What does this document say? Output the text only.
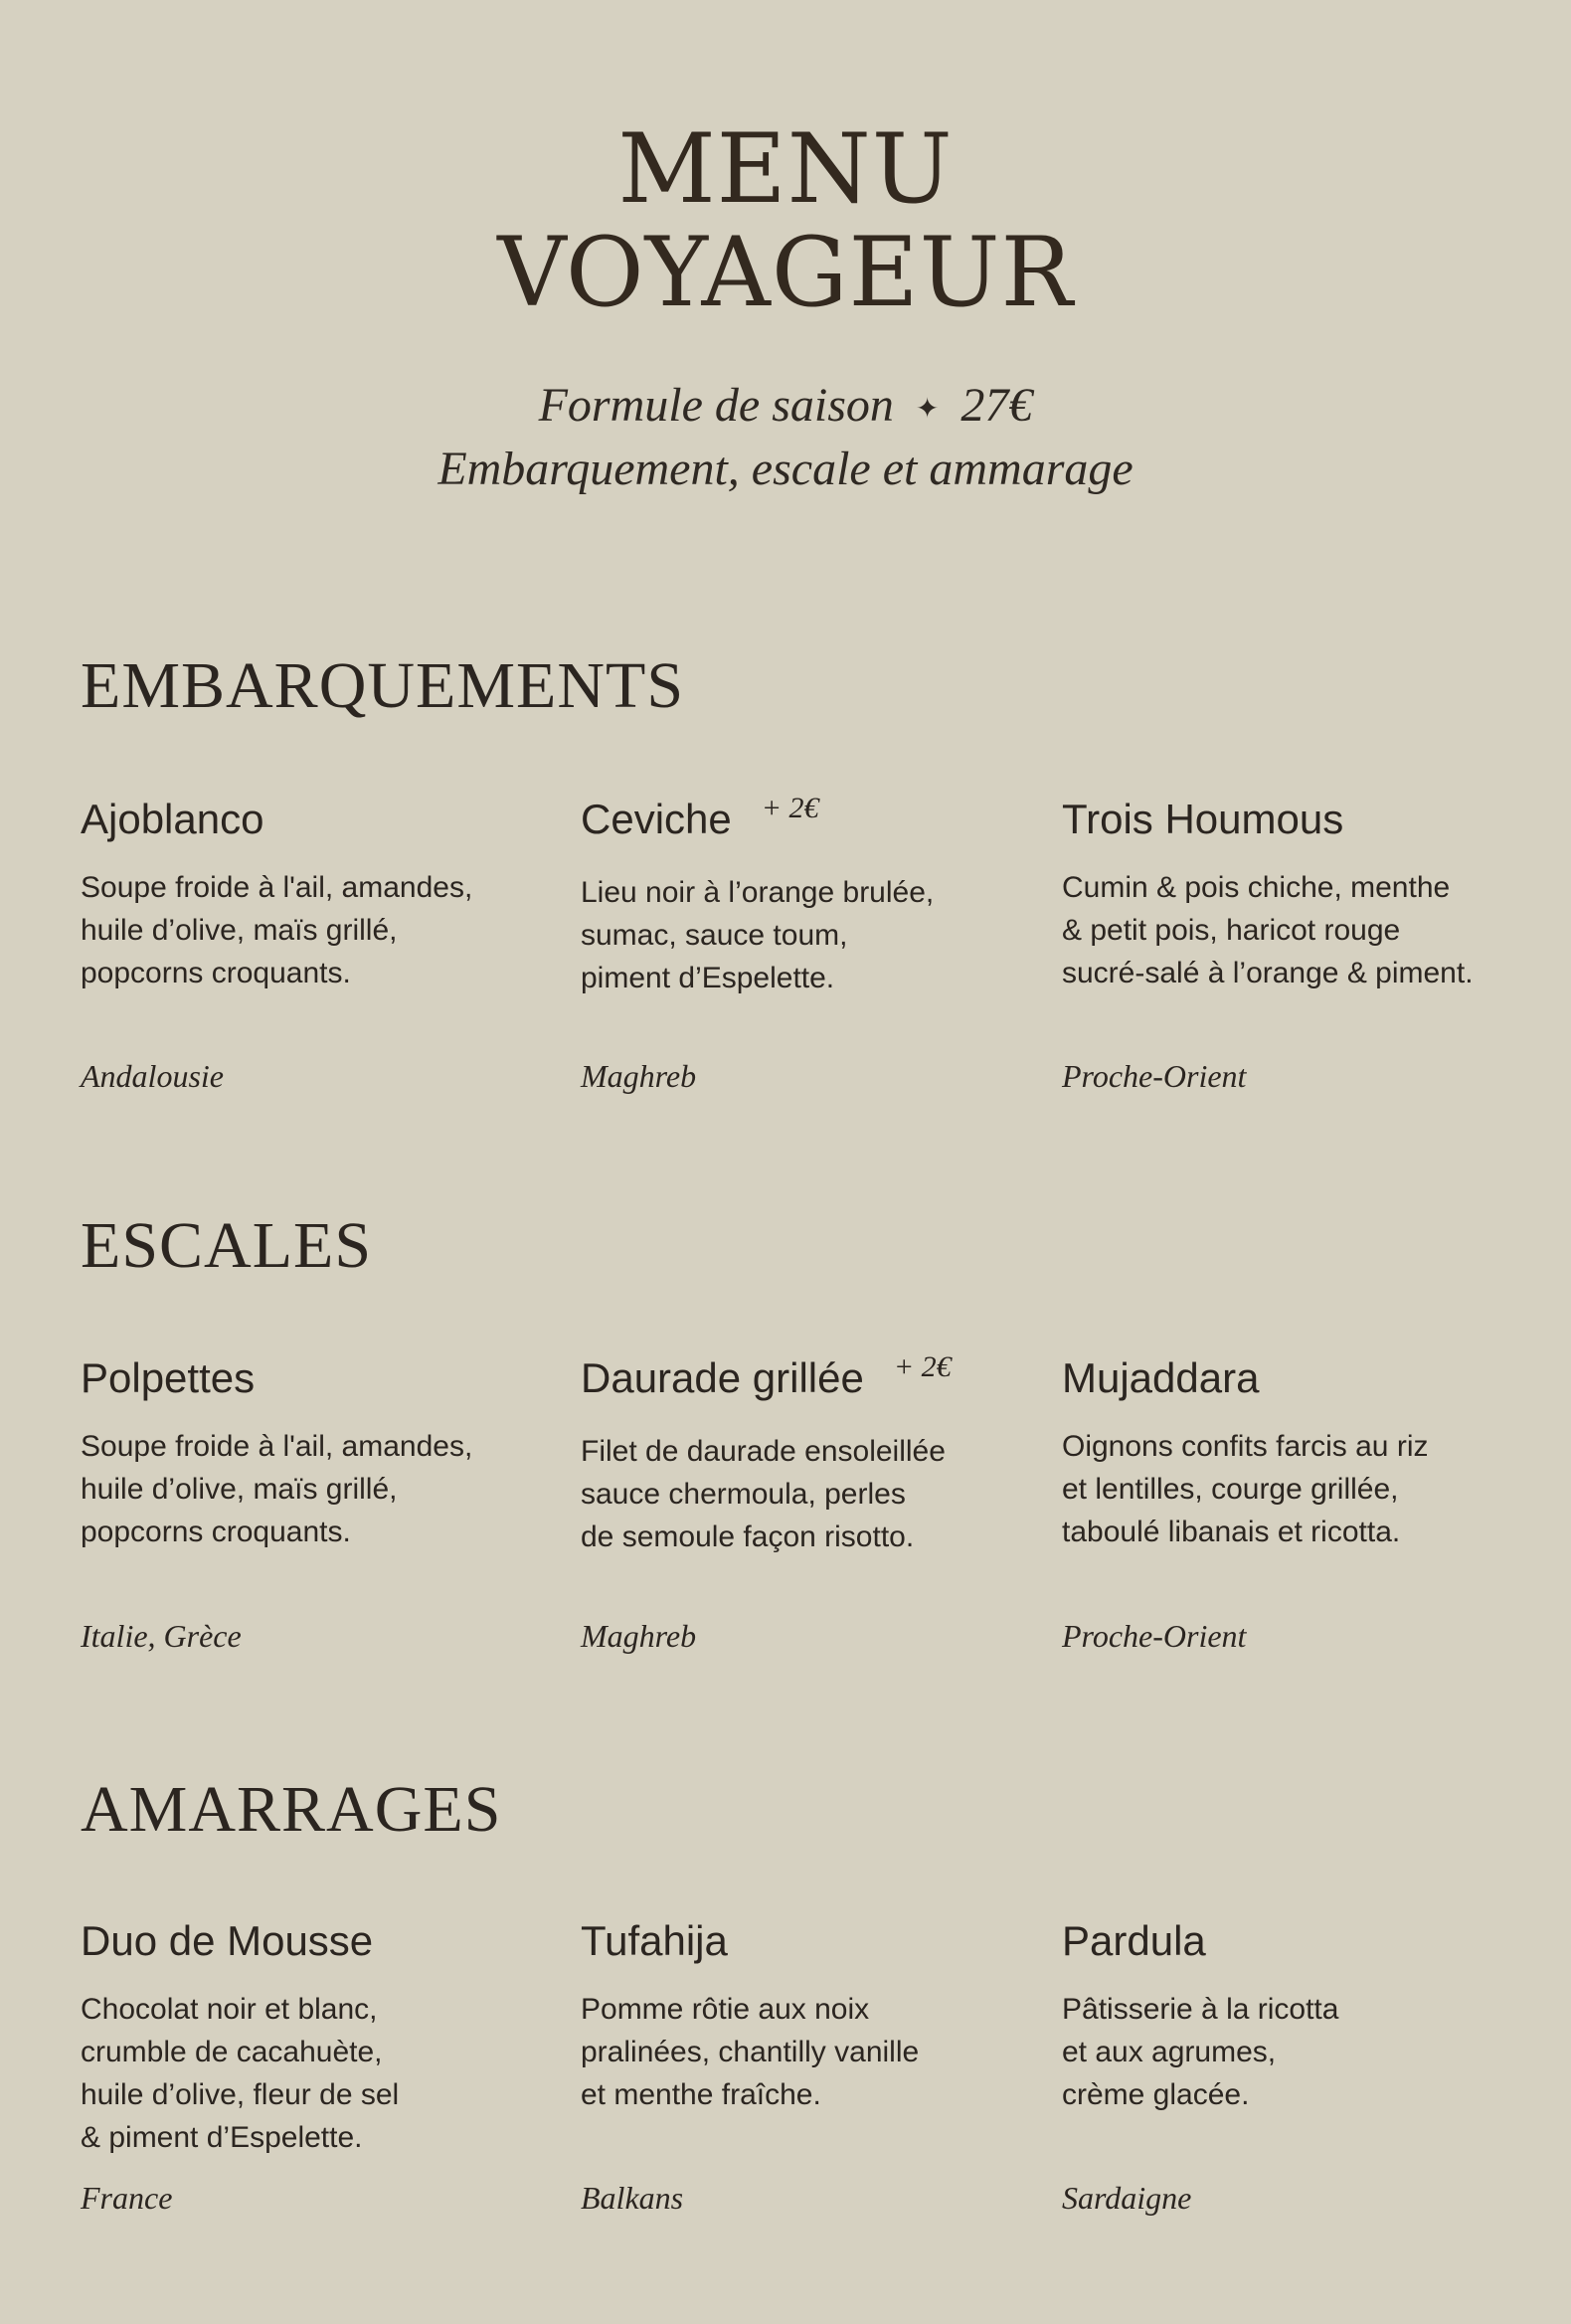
MENU
VOYAGEUR
Formule de saison ✦ 27€
Embarquement, escale et ammarage
EMBARQUEMENTS
Ajoblanco
Soupe froide à l'ail, amandes,
huile d’olive, maïs grillé,
popcorns croquants.
Andalousie
Ceviche $^{+ 2€}$
Lieu noir à l’orange brulée,
sumac, sauce toum,
piment d’Espelette.
Maghreb
Trois Houmous
Cumin & pois chiche, menthe
& petit pois, haricot rouge
sucré-salé à l’orange & piment.
Proche-Orient
ESCALES
Polpettes
Soupe froide à l'ail, amandes,
huile d’olive, maïs grillé,
popcorns croquants.
Italie, Grèce
Daurade grillée $^{+ 2€}$
Filet de daurade ensoleillée
sauce chermoula, perles
de semoule façon risotto.
Maghreb
Mujaddara
Oignons confits farcis au riz
et lentilles, courge grillée,
taboulé libanais et ricotta.
Proche-Orient
AMARRAGES
Duo de Mousse
Chocolat noir et blanc,
crumble de cacahuète,
huile d’olive, fleur de sel
& piment d’Espelette.
France
Tufahija
Pomme rôtie aux noix
pralinées, chantilly vanille
et menthe fraîche.
Balkans
Pardula
Pâtisserie à la ricotta
et aux agrumes,
crème glacée.
Sardaigne
